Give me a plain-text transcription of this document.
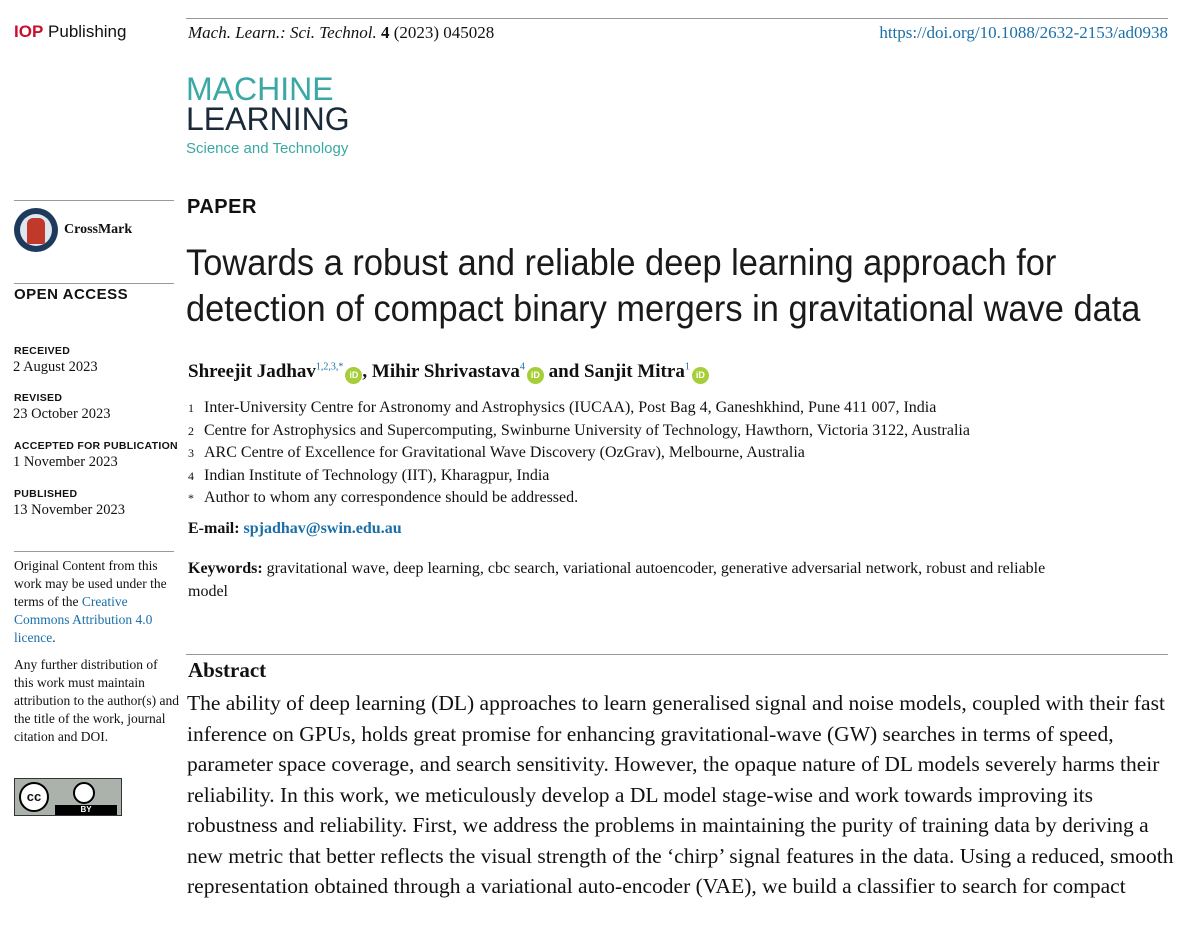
IOP Publishing	Mach. Learn.: Sci. Technol. 4 (2023) 045028	https://doi.org/10.1088/2632-2153/ad0938
MACHINE
LEARNING
Science and Technology
CrossMark
OPEN ACCESS
RECEIVED
2 August 2023
REVISED
23 October 2023
ACCEPTED FOR PUBLICATION
1 November 2023
PUBLISHED
13 November 2023
Original Content from this work may be used under the terms of the Creative Commons Attribution 4.0 licence.
Any further distribution of this work must maintain attribution to the author(s) and the title of the work, journal citation and DOI.
cc
BY
PAPER
Towards a robust and reliable deep learning approach for
detection of compact binary mergers in gravitational wave data
Shreejit Jadhav$^{1,2,3,*}$iD , Mihir Shrivastava$^4$iD and Sanjit Mitra$^1$iD
1 Inter-University Centre for Astronomy and Astrophysics (IUCAA), Post Bag 4, Ganeshkhind, Pune 411 007, India
2 Centre for Astrophysics and Supercomputing, Swinburne University of Technology, Hawthorn, Victoria 3122, Australia
3 ARC Centre of Excellence for Gravitational Wave Discovery (OzGrav), Melbourne, Australia
4 Indian Institute of Technology (IIT), Kharagpur, India
* Author to whom any correspondence should be addressed.
E-mail: spjadhav@swin.edu.au
Keywords: gravitational wave, deep learning, cbc search, variational autoencoder, generative adversarial network, robust and reliable model
Abstract
The ability of deep learning (DL) approaches to learn generalised signal and noise models, coupled with their fast inference on GPUs, holds great promise for enhancing gravitational-wave (GW) searches in terms of speed, parameter space coverage, and search sensitivity. However, the opaque nature of DL models severely harms their reliability. In this work, we meticulously develop a DL model stage-wise and work towards improving its robustness and reliability. First, we address the problems in maintaining the purity of training data by deriving a new metric that better reflects the visual strength of the ‘chirp’ signal features in the data. Using a reduced, smooth representation obtained through a variational auto-encoder (VAE), we build a classifier to search for compact
